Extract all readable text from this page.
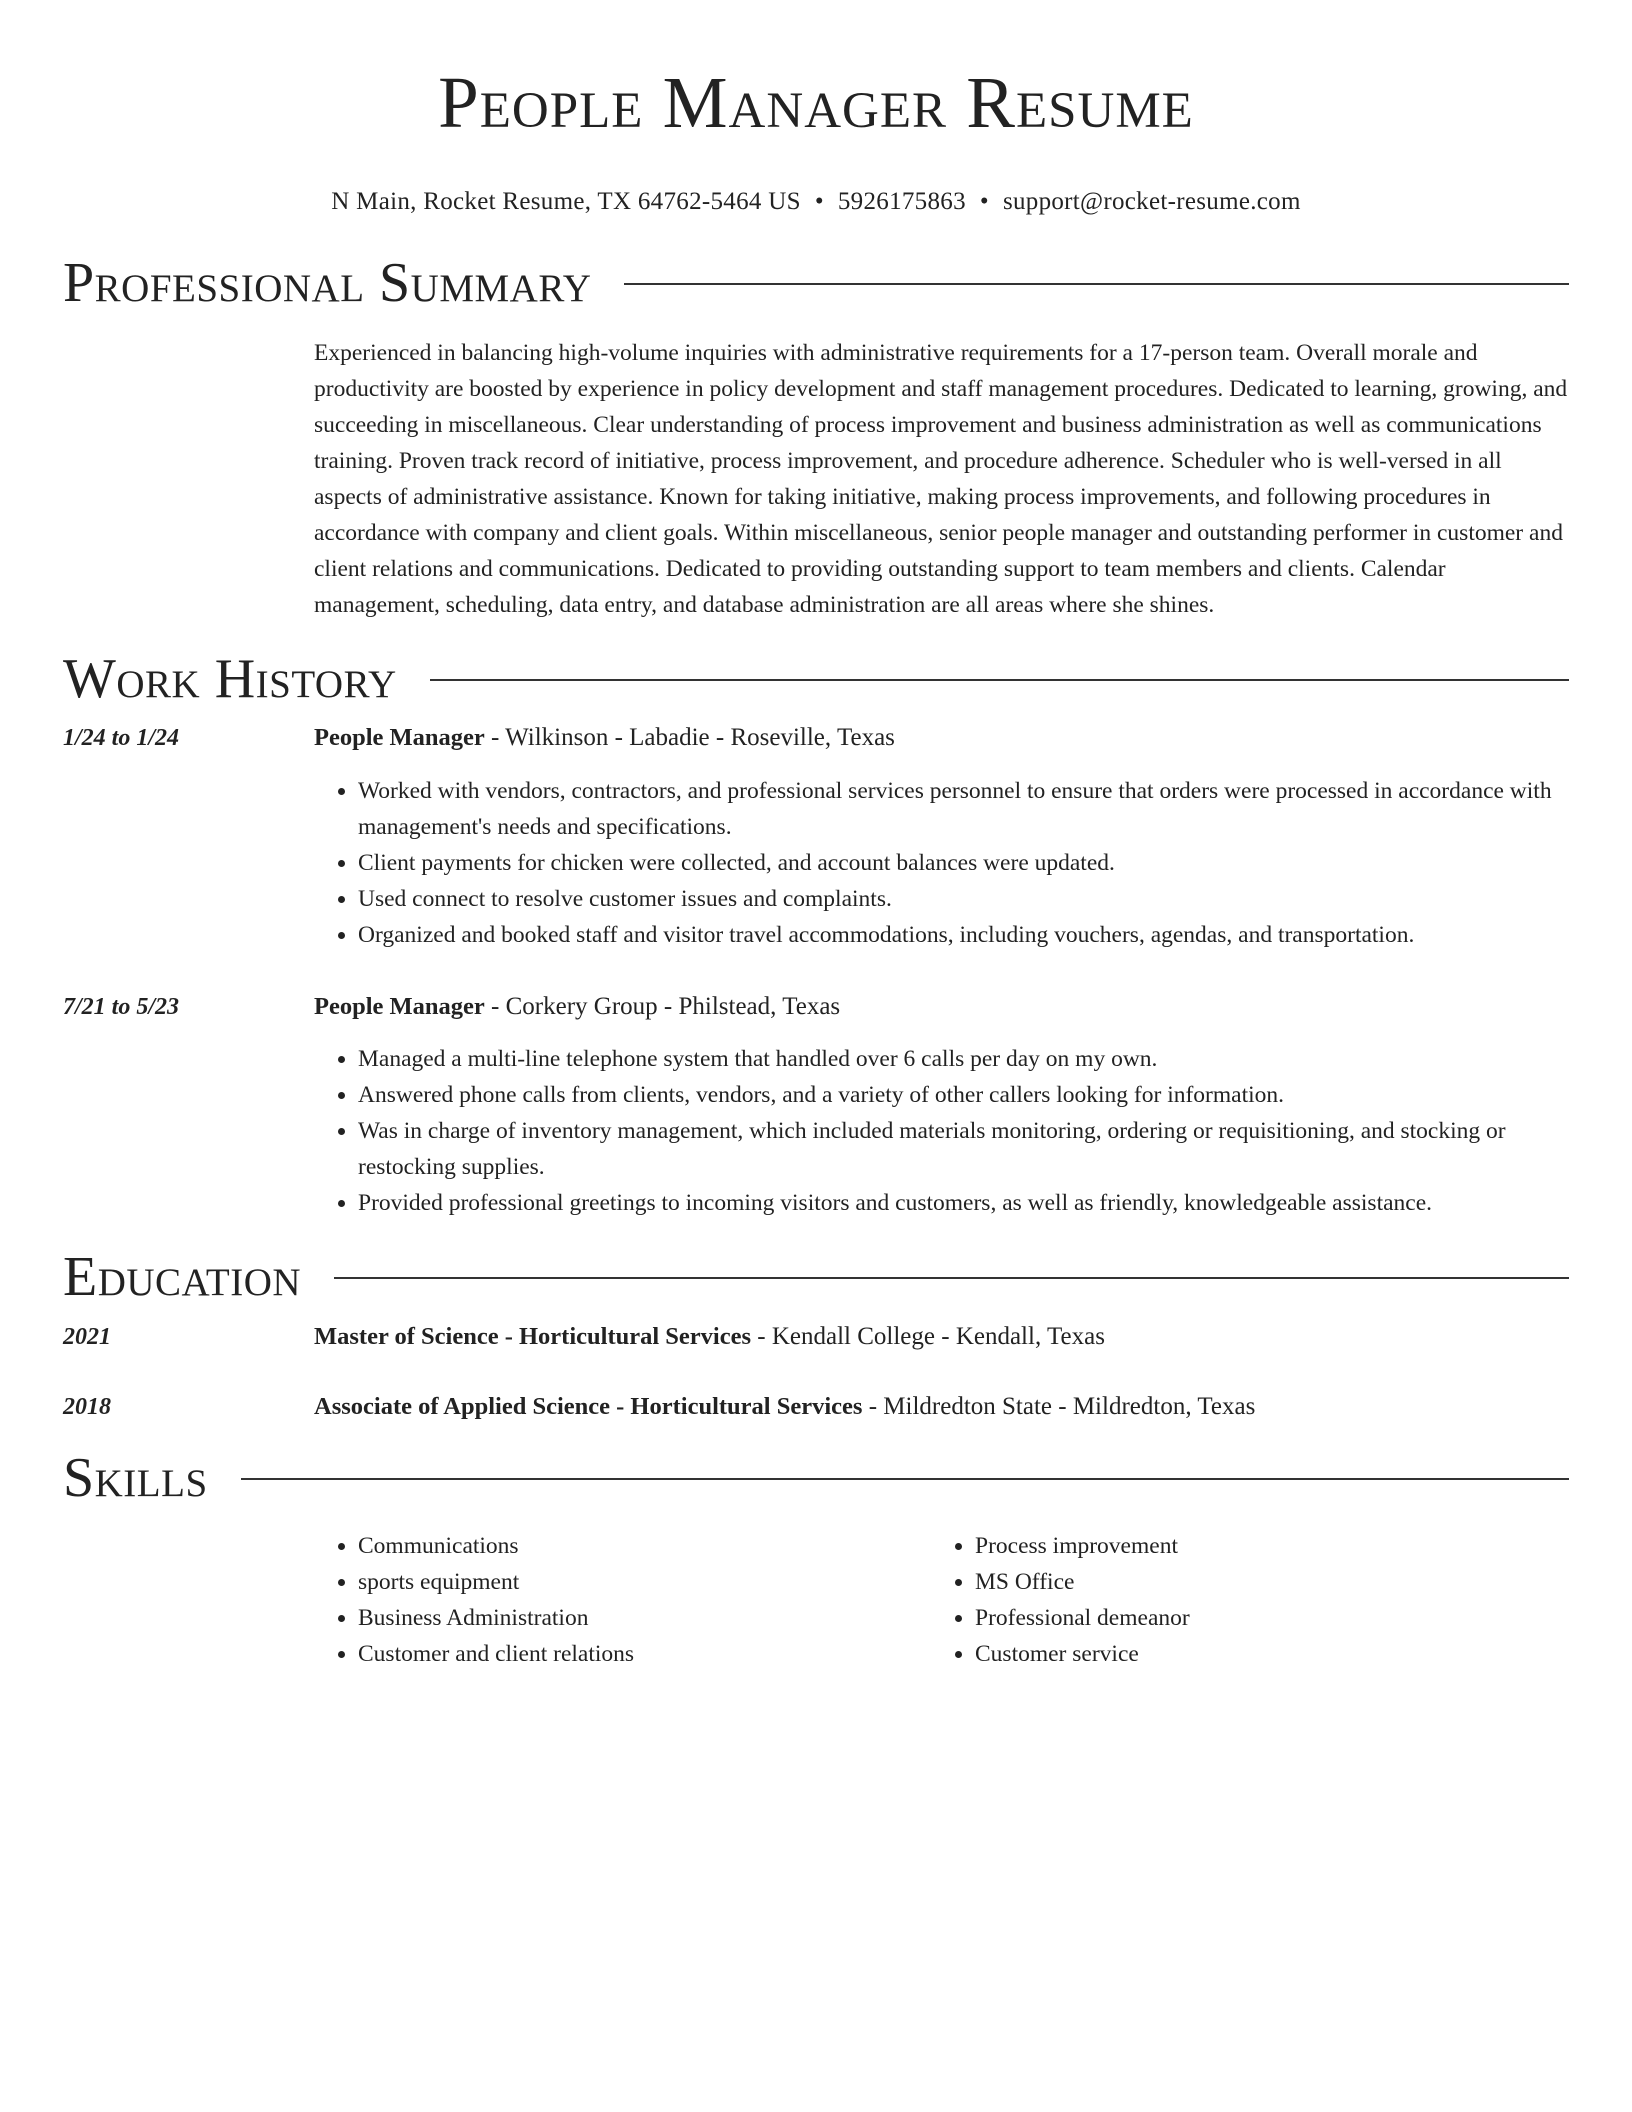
People Manager Resume
N Main, Rocket Resume, TX 64762-5464 US • 5926175863 • support@rocket-resume.com
Professional Summary

Experienced in balancing high-volume inquiries with administrative requirements for a 17-person team. Overall morale and productivity are boosted by experience in policy development and staff management procedures. Dedicated to learning, growing, and succeeding in miscellaneous. Clear understanding of process improvement and business administration as well as communications training. Proven track record of initiative, process improvement, and procedure adherence. Scheduler who is well-versed in all aspects of administrative assistance. Known for taking initiative, making process improvements, and following procedures in accordance with company and client goals. Within miscellaneous, senior people manager and outstanding performer in customer and client relations and communications. Dedicated to providing outstanding support to team members and clients. Calendar management, scheduling, data entry, and database administration are all areas where she shines.

Work History
1/24 to 1/24	People Manager - Wilkinson - Labadie - Roseville, Texas
• Worked with vendors, contractors, and professional services personnel to ensure that orders were processed in accordance with management's needs and specifications.
• Client payments for chicken were collected, and account balances were updated.
• Used connect to resolve customer issues and complaints.
• Organized and booked staff and visitor travel accommodations, including vouchers, agendas, and transportation.
7/21 to 5/23	People Manager - Corkery Group - Philstead, Texas
• Managed a multi-line telephone system that handled over 6 calls per day on my own.
• Answered phone calls from clients, vendors, and a variety of other callers looking for information.
• Was in charge of inventory management, which included materials monitoring, ordering or requisitioning, and stocking or restocking supplies.
• Provided professional greetings to incoming visitors and customers, as well as friendly, knowledgeable assistance.
Education
2021	Master of Science - Horticultural Services - Kendall College - Kendall, Texas
2018	Associate of Applied Science - Horticultural Services - Mildredton State - Mildredton, Texas
Skills
• Communications
• sports equipment
• Business Administration
• Customer and client relations
• Process improvement
• MS Office
• Professional demeanor
• Customer service
